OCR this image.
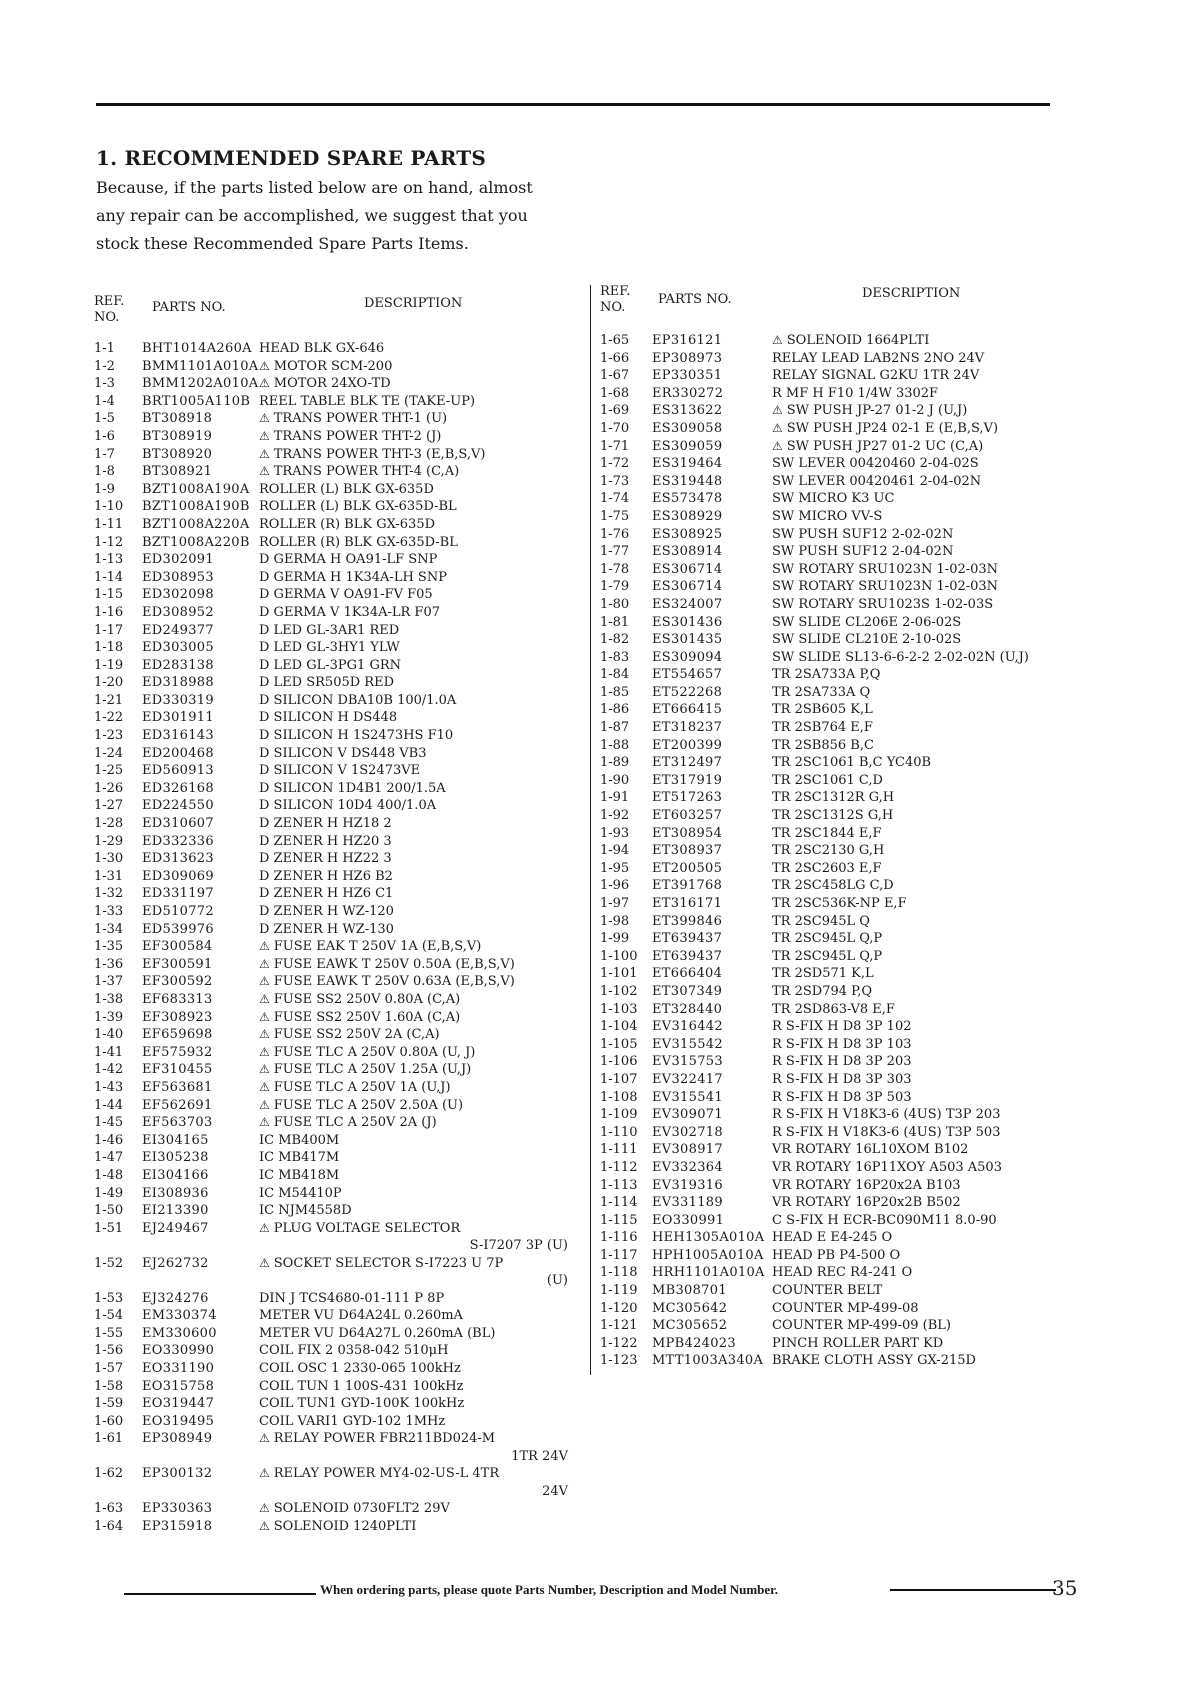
1. RECOMMENDED SPARE PARTS
Because, if the parts listed below are on hand, almost
any repair can be accomplished, we suggest that you
stock these Recommended Spare Parts Items.
REF.
NO.
PARTS NO.	DESCRIPTION
1-1	BHT1014A260A HEAD BLK GX-646
1-2	BMM1101A010A ⚠ MOTOR SCM-200
1-3	BMM1202A010A ⚠ MOTOR 24XO-TD
1-4	BRT1005A110B REEL TABLE BLK TE (TAKE-UP)
1-5	BT308918	⚠ TRANS POWER THT-1 (U)
1-6	BT308919	⚠ TRANS POWER THT-2 (J)
1-7	BT308920	⚠ TRANS POWER THT-3 (E,B,S,V)
1-8	BT308921	⚠ TRANS POWER THT-4 (C,A)
1-9	BZT1008A190A ROLLER (L) BLK GX-635D
1-10	BZT1008A190B ROLLER (L) BLK GX-635D-BL
1-11	BZT1008A220A ROLLER (R) BLK GX-635D
1-12	BZT1008A220B ROLLER (R) BLK GX-635D-BL
1-13	ED302091	D GERMA H OA91-LF SNP
1-14	ED308953	D GERMA H 1K34A-LH SNP
1-15	ED302098	D GERMA V OA91-FV F05
1-16	ED308952	D GERMA V 1K34A-LR F07
1-17	ED249377	D LED GL-3AR1 RED
1-18	ED303005	D LED GL-3HY1 YLW
1-19	ED283138	D LED GL-3PG1 GRN
1-20	ED318988	D LED SR505D RED
1-21	ED330319	D SILICON DBA10B 100/1.0A
1-22	ED301911	D SILICON H DS448
1-23	ED316143	D SILICON H 1S2473HS F10
1-24	ED200468	D SILICON V DS448 VB3
1-25	ED560913	D SILICON V 1S2473VE
1-26	ED326168	D SILICON 1D4B1 200/1.5A
1-27	ED224550	D SILICON 10D4 400/1.0A
1-28	ED310607	D ZENER H HZ18 2
1-29	ED332336	D ZENER H HZ20 3
1-30	ED313623	D ZENER H HZ22 3
1-31	ED309069	D ZENER H HZ6 B2
1-32	ED331197	D ZENER H HZ6 C1
1-33	ED510772	D ZENER H WZ-120
1-34	ED539976	D ZENER H WZ-130
1-35	EF300584	⚠ FUSE EAK T 250V 1A (E,B,S,V)
1-36	EF300591	⚠ FUSE EAWK T 250V 0.50A (E,B,S,V)
1-37	EF300592	⚠ FUSE EAWK T 250V 0.63A (E,B,S,V)
1-38	EF683313	⚠ FUSE SS2 250V 0.80A (C,A)
1-39	EF308923	⚠ FUSE SS2 250V 1.60A (C,A)
1-40	EF659698	⚠ FUSE SS2 250V 2A (C,A)
1-41	EF575932	⚠ FUSE TLC A 250V 0.80A (U, J)
1-42	EF310455	⚠ FUSE TLC A 250V 1.25A (U,J)
1-43	EF563681	⚠ FUSE TLC A 250V 1A (U,J)
1-44	EF562691	⚠ FUSE TLC A 250V 2.50A (U)
1-45	EF563703	⚠ FUSE TLC A 250V 2A (J)
1-46	EI304165	IC MB400M
1-47	EI305238	IC MB417M
1-48	EI304166	IC MB418M
1-49	EI308936	IC M54410P
1-50	EI213390	IC NJM4558D
1-51	EJ249467	⚠ PLUG VOLTAGE SELECTOR
S-I7207 3P (U)
1-52	EJ262732	⚠ SOCKET SELECTOR S-I7223 U 7P
(U)
1-53	EJ324276	DIN J TCS4680-01-111 P 8P
1-54	EM330374	METER VU D64A24L 0.260mA
1-55	EM330600	METER VU D64A27L 0.260mA (BL)
1-56	EO330990	COIL FIX 2 0358-042 510μH
1-57	EO331190	COIL OSC 1 2330-065 100kHz
1-58	EO315758	COIL TUN 1 100S-431 100kHz
1-59	EO319447	COIL TUN1 GYD-100K 100kHz
1-60	EO319495	COIL VARI1 GYD-102 1MHz
1-61	EP308949	⚠ RELAY POWER FBR211BD024-M
1TR 24V
1-62	EP300132	⚠ RELAY POWER MY4-02-US-L 4TR
24V
1-63	EP330363	⚠ SOLENOID 0730FLT2 29V
1-64	EP315918	⚠ SOLENOID 1240PLTI
REF.
NO.
PARTS NO.	DESCRIPTION
1-65	EP316121	⚠ SOLENOID 1664PLTI
1-66	EP308973	RELAY LEAD LAB2NS 2NO 24V
1-67	EP330351	RELAY SIGNAL G2KU 1TR 24V
1-68	ER330272	R MF H F10 1/4W 3302F
1-69	ES313622	⚠ SW PUSH JP-27 01-2 J (U,J)
1-70	ES309058	⚠ SW PUSH JP24 02-1 E (E,B,S,V)
1-71	ES309059	⚠ SW PUSH JP27 01-2 UC (C,A)
1-72	ES319464	SW LEVER 00420460 2-04-02S
1-73	ES319448	SW LEVER 00420461 2-04-02N
1-74	ES573478	SW MICRO K3 UC
1-75	ES308929	SW MICRO VV-S
1-76	ES308925	SW PUSH SUF12 2-02-02N
1-77	ES308914	SW PUSH SUF12 2-04-02N
1-78	ES306714	SW ROTARY SRU1023N 1-02-03N
1-79	ES306714	SW ROTARY SRU1023N 1-02-03N
1-80	ES324007	SW ROTARY SRU1023S 1-02-03S
1-81	ES301436	SW SLIDE CL206E 2-06-02S
1-82	ES301435	SW SLIDE CL210E 2-10-02S
1-83	ES309094	SW SLIDE SL13-6-6-2-2 2-02-02N (U,J)
1-84	ET554657	TR 2SA733A P,Q
1-85	ET522268	TR 2SA733A Q
1-86	ET666415	TR 2SB605 K,L
1-87	ET318237	TR 2SB764 E,F
1-88	ET200399	TR 2SB856 B,C
1-89	ET312497	TR 2SC1061 B,C YC40B
1-90	ET317919	TR 2SC1061 C,D
1-91	ET517263	TR 2SC1312R G,H
1-92	ET603257	TR 2SC1312S G,H
1-93	ET308954	TR 2SC1844 E,F
1-94	ET308937	TR 2SC2130 G,H
1-95	ET200505	TR 2SC2603 E,F
1-96	ET391768	TR 2SC458LG C,D
1-97	ET316171	TR 2SC536K-NP E,F
1-98	ET399846	TR 2SC945L Q
1-99	ET639437	TR 2SC945L Q,P
1-100	ET639437	TR 2SC945L Q,P
1-101	ET666404	TR 2SD571 K,L
1-102	ET307349	TR 2SD794 P,Q
1-103	ET328440	TR 2SD863-V8 E,F
1-104	EV316442	R S-FIX H D8 3P 102
1-105	EV315542	R S-FIX H D8 3P 103
1-106	EV315753	R S-FIX H D8 3P 203
1-107	EV322417	R S-FIX H D8 3P 303
1-108	EV315541	R S-FIX H D8 3P 503
1-109	EV309071	R S-FIX H V18K3-6 (4US) T3P 203
1-110	EV302718	R S-FIX H V18K3-6 (4US) T3P 503
1-111	EV308917	VR ROTARY 16L10XOM B102
1-112	EV332364	VR ROTARY 16P11XOY A503 A503
1-113	EV319316	VR ROTARY 16P20x2A B103
1-114	EV331189	VR ROTARY 16P20x2B B502
1-115	EO330991	C S-FIX H ECR-BC090M11 8.0-90
1-116	HEH1305A010A HEAD E E4-245 O
1-117	HPH1005A010A HEAD PB P4-500 O
1-118	HRH1101A010A HEAD REC R4-241 O
1-119	MB308701	COUNTER BELT
1-120	MC305642	COUNTER MP-499-08
1-121	MC305652	COUNTER MP-499-09 (BL)
1-122	MPB424023	PINCH ROLLER PART KD
1-123	MTT1003A340A BRAKE CLOTH ASSY GX-215D
When ordering parts, please quote Parts Number, Description and Model Number.	35
